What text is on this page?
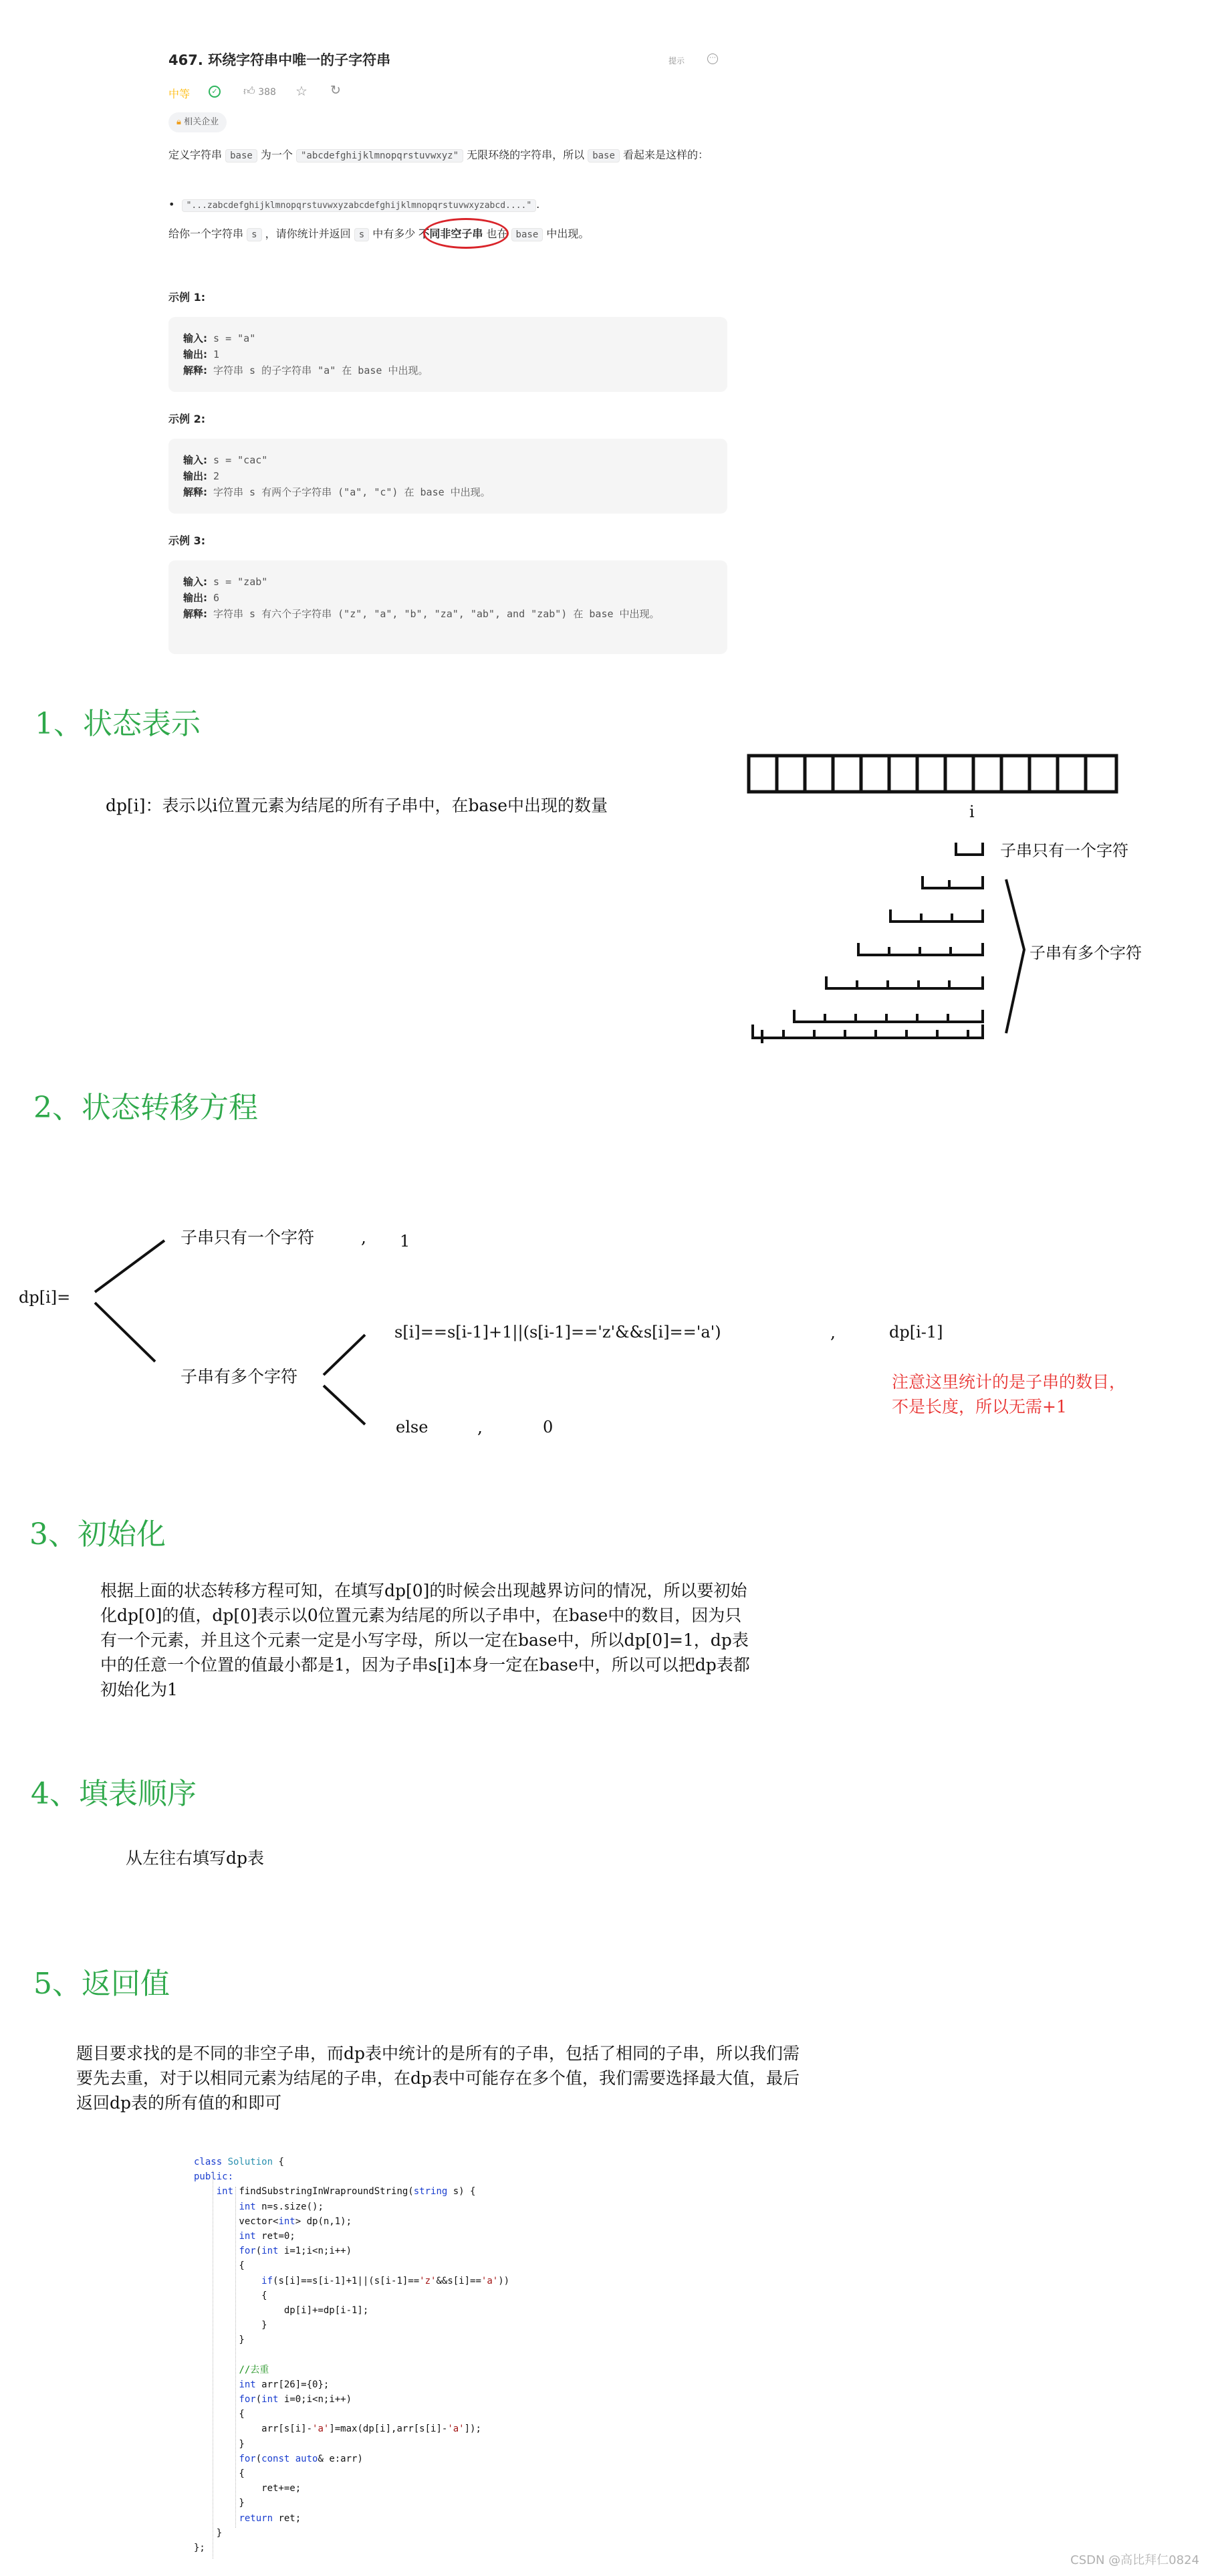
467. 环绕字符串中唯一的子字符串	提示	⋯
中等	✓ 👍︎ 388 ☆ ↻
🔒︎ 相关企业
定义字符串 base 为一个 "abcdefghijklmnopqrstuvwxyz" 无限环绕的字符串，所以 base 看起来是这样的：
•  "...zabcdefghijklmnopqrstuvwxyzabcdefghijklmnopqrstuvwxyzabcd...." .
给你一个字符串 s ，请你统计并返回 s 中有多少 不同非空子串 也在 base 中出现。
示例 1:
输入: s = "a"
输出: 1
解释: 字符串 s 的子字符串 "a" 在 base 中出现。
示例 2:
输入: s = "cac"
输出: 2
解释: 字符串 s 有两个子字符串 ("a", "c") 在 base 中出现。
示例 3:
输入: s = "zab"
输出: 6
解释: 字符串 s 有六个子字符串 ("z", "a", "b", "za", "ab", and "zab") 在 base 中出现。
1、状态表示
dp[i]：表示以i位置元素为结尾的所有子串中，在base中出现的数量	i
子串只有一个字符
子串有多个字符
2、状态转移方程
dp[i]=
子串只有一个字符	, 1
子串有多个字符
s[i]==s[i-1]+1||(s[i-1]=='z'&&s[i]=='a')	,	dp[i-1]
else	,	0
注意这里统计的是子串的数目，不是长度，所以无需+1
3、初始化
根据上面的状态转移方程可知，在填写dp[0]的时候会出现越界访问的情况，所以要初始化dp[0]的值，dp[0]表示以0位置元素为结尾的所以子串中，在base中的数目，因为只有一个元素，并且这个元素一定是小写字母，所以一定在base中，所以dp[0]=1，dp表中的任意一个位置的值最小都是1，因为子串s[i]本身一定在base中，所以可以把dp表都初始化为1
4、填表顺序
从左往右填写dp表
5、返回值
题目要求找的是不同的非空子串，而dp表中统计的是所有的子串，包括了相同的子串，所以我们需要先去重，对于以相同元素为结尾的子串，在dp表中可能存在多个值，我们需要选择最大值，最后返回dp表的所有值的和即可
class Solution {
public:
int findSubstringInWraproundString(string s) {
int n=s.size();
vector<int> dp(n,1);
int ret=0;
for(int i=1;i<n;i++)
{
if(s[i]==s[i-1]+1||(s[i-1]=='z'&&s[i]=='a'))
{
dp[i]+=dp[i-1];
}
}
//去重
int arr[26]={0};
for(int i=0;i<n;i++)
{
arr[s[i]-'a']=max(dp[i],arr[s[i]-'a']);
}
for(const auto& e:arr)
{
ret+=e;
}
return ret;
}
};
CSDN @高比拜仁0824
